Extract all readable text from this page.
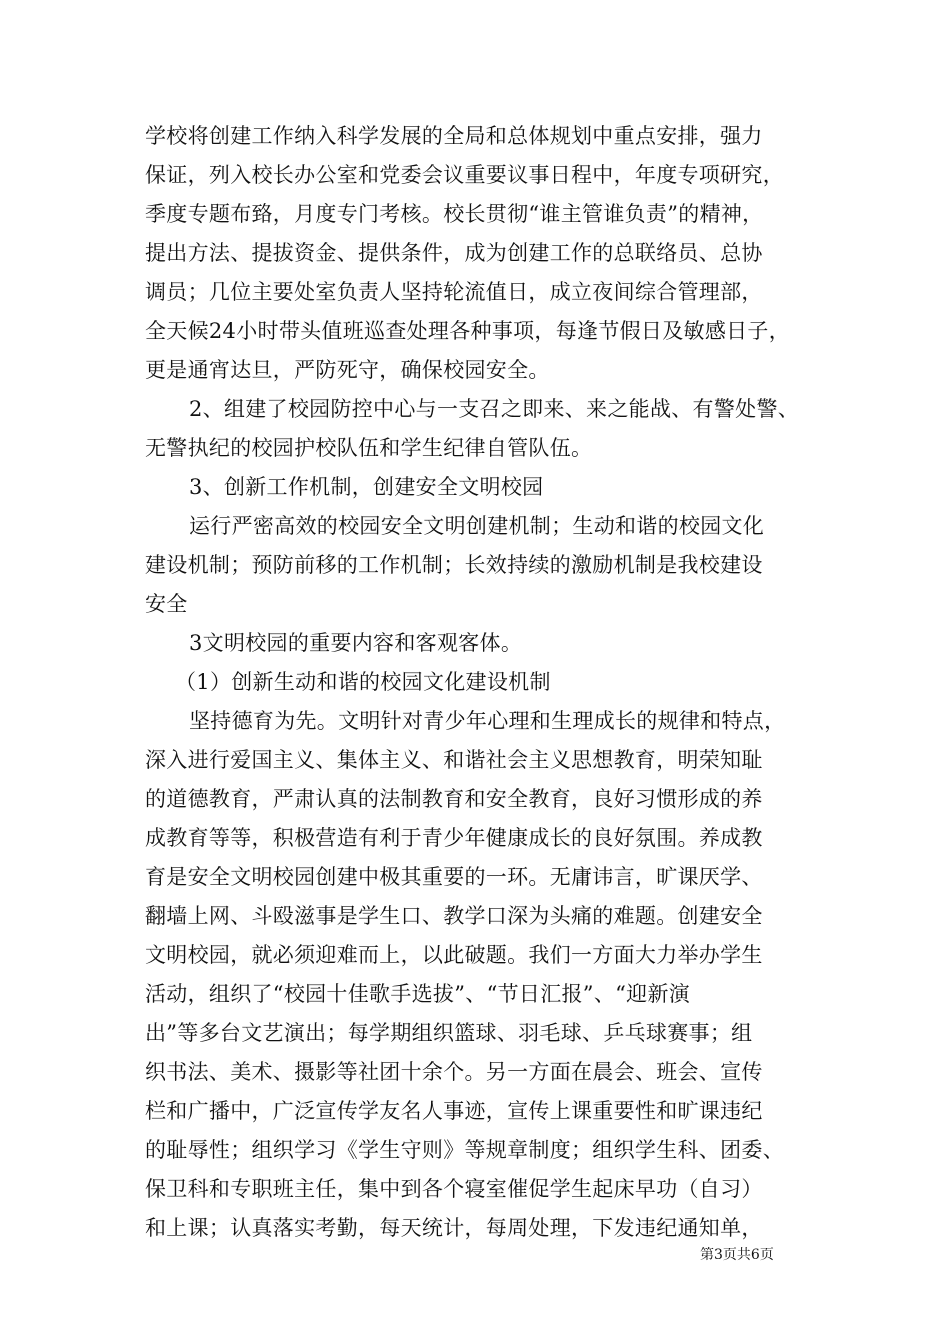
学校将创建工作纳入科学发展的全局和总体规划中重点安排，强力
保证，列入校长办公室和党委会议重要议事日程中，年度专项研究，
季度专题布臵，月度专门考核。校长贯彻“谁主管谁负责”的精神，
提出方法、提拔资金、提供条件，成为创建工作的总联络员、总协
调员；几位主要处室负责人坚持轮流值日，成立夜间综合管理部，
全天候24小时带头值班巡查处理各种事项，每逢节假日及敏感日子，
更是通宵达旦，严防死守，确保校园安全。
2、组建了校园防控中心与一支召之即来、来之能战、有警处警、
无警执纪的校园护校队伍和学生纪律自管队伍。
3、创新工作机制，创建安全文明校园
运行严密高效的校园安全文明创建机制；生动和谐的校园文化
建设机制；预防前移的工作机制；长效持续的激励机制是我校建设
安全
3文明校园的重要内容和客观客体。
（1）创新生动和谐的校园文化建设机制
坚持德育为先。文明针对青少年心理和生理成长的规律和特点，
深入进行爱国主义、集体主义、和谐社会主义思想教育，明荣知耻
的道德教育，严肃认真的法制教育和安全教育，良好习惯形成的养
成教育等等，积极营造有利于青少年健康成长的良好氛围。养成教
育是安全文明校园创建中极其重要的一环。无庸讳言，旷课厌学、
翻墙上网、斗殴滋事是学生口、教学口深为头痛的难题。创建安全
文明校园，就必须迎难而上，以此破题。我们一方面大力举办学生
活动，组织了“校园十佳歌手选拔”、“节日汇报”、“迎新演
出”等多台文艺演出；每学期组织篮球、羽毛球、乒乓球赛事；组
织书法、美术、摄影等社团十余个。另一方面在晨会、班会、宣传
栏和广播中，广泛宣传学友名人事迹，宣传上课重要性和旷课违纪
的耻辱性；组织学习《学生守则》等规章制度；组织学生科、团委、
保卫科和专职班主任，集中到各个寝室催促学生起床早功（自习）
和上课；认真落实考勤，每天统计，每周处理，下发违纪通知单，
第3页共6页
